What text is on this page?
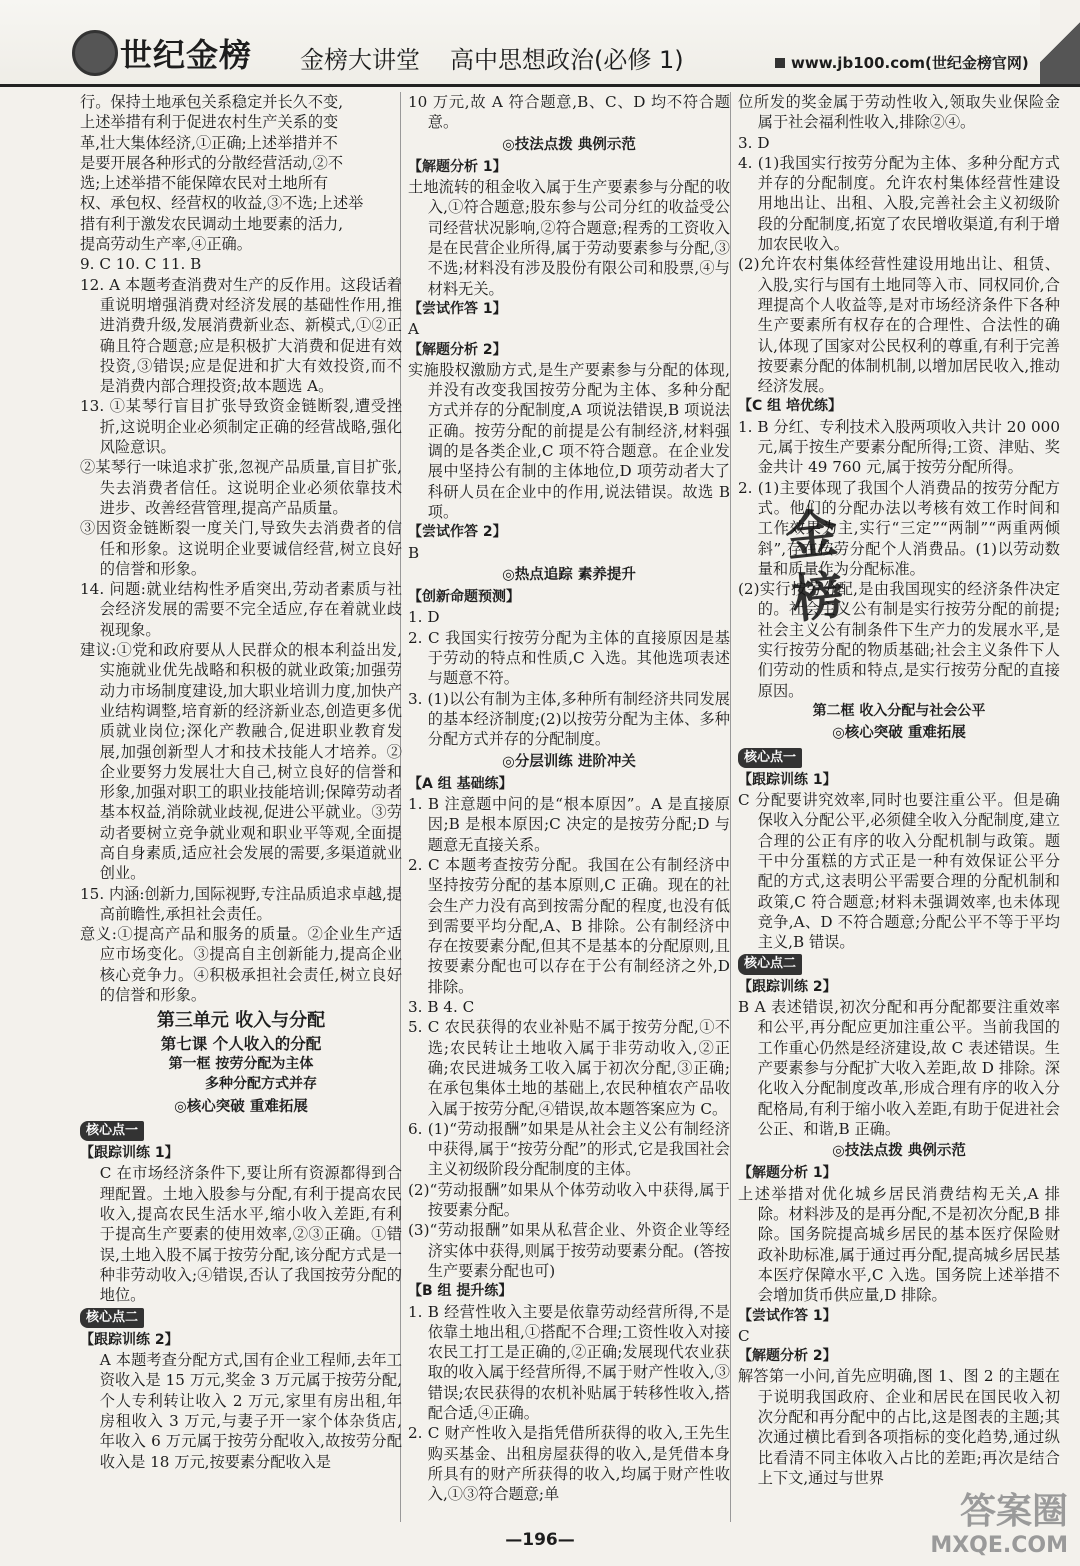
世纪金榜 金榜大讲堂 高中思想政治(必修 1)	www.jb100.com(世纪金榜官网)

行。保持土地承包关系稳定并长久不变,

上述举措有利于促进农村生产关系的变

革,壮大集体经济,①正确;上述举措并不

是要开展各种形式的分散经营活动,②不

选;上述举措不能保障农民对土地所有

权、承包权、经营权的收益,③不选;上述举

措有利于激发农民调动土地要素的活力,

提高劳动生产率,④正确。

9. C 10. C 11. B

12. A 本题考查消费对生产的反作用。这段话着重说明增强消费对经济发展的基础性作用,推进消费升级,发展消费新业态、新模式,①②正确且符合题意;应是积极扩大消费和促进有效投资,③错误;应是促进和扩大有效投资,而不是消费内部合理投资;故本题选 A。

13. ①某琴行盲目扩张导致资金链断裂,遭受挫折,这说明企业必须制定正确的经营战略,强化风险意识。

②某琴行一味追求扩张,忽视产品质量,盲目扩张,失去消费者信任。这说明企业必须依靠技术进步、改善经营管理,提高产品质量。

③因资金链断裂一度关门,导致失去消费者的信任和形象。这说明企业要诚信经营,树立良好的信誉和形象。

14. 问题:就业结构性矛盾突出,劳动者素质与社会经济发展的需要不完全适应,存在着就业歧视现象。

建议:①党和政府要从人民群众的根本利益出发,实施就业优先战略和积极的就业政策;加强劳动力市场制度建设,加大职业培训力度,加快产业结构调整,培育新的经济新业态,创造更多优质就业岗位;深化产教融合,促进职业教育发展,加强创新型人才和技术技能人才培养。②企业要努力发展壮大自己,树立良好的信誉和形象,加强对职工的职业技能培训;保障劳动者基本权益,消除就业歧视,促进公平就业。③劳动者要树立竞争就业观和职业平等观,全面提高自身素质,适应社会发展的需要,多渠道就业创业。

15. 内涵:创新力,国际视野,专注品质追求卓越,提高前瞻性,承担社会责任。

意义:①提高产品和服务的质量。②企业生产适应市场变化。③提高自主创新能力,提高企业核心竞争力。④积极承担社会责任,树立良好的信誉和形象。

第三单元 收入与分配
第七课 个人收入的分配
第一框 按劳分配为主体
多种分配方式并存
◎核心突破 重难拓展
核心点一
【跟踪训练 1】

C 在市场经济条件下,要让所有资源都得到合理配置。土地入股参与分配,有利于提高农民收入,提高农民生活水平,缩小收入差距,有利于提高生产要素的使用效率,②③正确。①错误,土地入股不属于按劳分配,该分配方式是一种非劳动收入;④错误,否认了我国按劳分配的地位。

核心点二
【跟踪训练 2】

A 本题考查分配方式,国有企业工程师,去年工资收入是 15 万元,奖金 3 万元属于按劳分配,个人专利转让收入 2 万元,家里有房出租,年房租收入 3 万元,与妻子开一家个体杂货店,年收入 6 万元属于按劳分配收入,故按劳分配收入是 18 万元,按要素分配收入是

10 万元,故 A 符合题意,B、C、D 均不符合题意。

◎技法点拨 典例示范
【解题分析 1】

土地流转的租金收入属于生产要素参与分配的收入,①符合题意;股东参与公司分红的收益受公司经营状况影响,②符合题意;程秀的工资收入是在民营企业所得,属于劳动要素参与分配,③不选;材料没有涉及股份有限公司和股票,④与材料无关。

【尝试作答 1】

A

【解题分析 2】

实施股权激励方式,是生产要素参与分配的体现,并没有改变我国按劳分配为主体、多种分配方式并存的分配制度,A 项说法错误,B 项说法正确。按劳分配的前提是公有制经济,材料强调的是各类企业,C 项不符合题意。在企业发展中坚持公有制的主体地位,D 项劳动者大了科研人员在企业中的作用,说法错误。故选 B 项。

【尝试作答 2】

B

◎热点追踪 素养提升
【创新命题预测】

1. D

2. C 我国实行按劳分配为主体的直接原因是基于劳动的特点和性质,C 入选。其他选项表述与题意不符。

3. (1)以公有制为主体,多种所有制经济共同发展的基本经济制度;(2)以按劳分配为主体、多种分配方式并存的分配制度。

◎分层训练 进阶冲关
【A 组 基础练】

1. B 注意题中问的是“根本原因”。A 是直接原因;B 是根本原因;C 决定的是按劳分配;D 与题意无直接关系。

2. C 本题考查按劳分配。我国在公有制经济中坚持按劳分配的基本原则,C 正确。现在的社会生产力没有高到按需分配的程度,也没有低到需要平均分配,A、B 排除。公有制经济中存在按要素分配,但其不是基本的分配原则,且按要素分配也可以存在于公有制经济之外,D 排除。

3. B 4. C

5. C 农民获得的农业补贴不属于按劳分配,①不选;农民转让土地收入属于非劳动收入,②正确;农民进城务工收入属于初次分配,③正确;在承包集体土地的基础上,农民种植农产品收入属于按劳分配,④错误,故本题答案应为 C。

6. (1)“劳动报酬”如果是从社会主义公有制经济中获得,属于“按劳分配”的形式,它是我国社会主义初级阶段分配制度的主体。

(2)“劳动报酬”如果从个体劳动收入中获得,属于按要素分配。

(3)“劳动报酬”如果从私营企业、外资企业等经济实体中获得,则属于按劳动要素分配。(答按生产要素分配也可)

【B 组 提升练】

1. B 经营性收入主要是依靠劳动经营所得,不是依靠土地出租,①搭配不合理;工资性收入对接农民工打工是正确的,②正确;发展现代农业获取的收入属于经营所得,不属于财产性收入,③错误;农民获得的农机补贴属于转移性收入,搭配合适,④正确。

2. C 财产性收入是指凭借所获得的收入,王先生购买基金、出租房屋获得的收入,是凭借本身所具有的财产所获得的收入,均属于财产性收入,①③符合题意;单

位所发的奖金属于劳动性收入,领取失业保险金属于社会福利性收入,排除②④。

3. D

4. (1)我国实行按劳分配为主体、多种分配方式并存的分配制度。允许农村集体经营性建设用地出让、出租、入股,完善社会主义初级阶段的分配制度,拓宽了农民增收渠道,有利于增加农民收入。

(2)允许农村集体经营性建设用地出让、租赁、入股,实行与国有土地同等入市、同权同价,合理提高个人收益等,是对市场经济条件下各种生产要素所有权存在的合理性、合法性的确认,体现了国家对公民权利的尊重,有利于完善按要素分配的体制机制,以增加居民收入,推动经济发展。

【C 组 培优练】

1. B 分红、专利技术入股两项收入共计 20 000 元,属于按生产要素分配所得;工资、津贴、奖金共计 49 760 元,属于按劳分配所得。

2. (1)主要体现了我国个人消费品的按劳分配方式。他们的分配办法以考核有效工作时间和工作效果为主,实行“三定”“两制”“两重两倾斜”,存在按劳分配个人消费品。(1)以劳动数量和质量作为分配标准。

(2)实行按劳分配,是由我国现实的经济条件决定的。社会主义公有制是实行按劳分配的前提;社会主义公有制条件下生产力的发展水平,是实行按劳分配的物质基础;社会主义条件下人们劳动的性质和特点,是实行按劳分配的直接原因。

第二框 收入分配与社会公平
◎核心突破 重难拓展
核心点一

【跟踪训练 1】

C 分配要讲究效率,同时也要注重公平。但是确保收入分配公平,必须健全收入分配制度,建立合理的公正有序的收入分配机制与政策。题干中分蛋糕的方式正是一种有效保证公平分配的方式,这表明公平需要合理的分配机制和政策,C 符合题意;材料未强调效率,也未体现竞争,A、D 不符合题意;分配公平不等于平均主义,B 错误。

核心点二

【跟踪训练 2】

B A 表述错误,初次分配和再分配都要注重效率和公平,再分配应更加注重公平。当前我国的工作重心仍然是经济建设,故 C 表述错误。生产要素参与分配扩大收入差距,故 D 排除。深化收入分配制度改革,形成合理有序的收入分配格局,有利于缩小收入差距,有助于促进社会公正、和谐,B 正确。

◎技法点拨 典例示范
【解题分析 1】

上述举措对优化城乡居民消费结构无关,A 排除。材料涉及的是再分配,不是初次分配,B 排除。国务院提高城乡居民的基本医疗保险财政补助标准,属于通过再分配,提高城乡居民基本医疗保障水平,C 入选。国务院上述举措不会增加货币供应量,D 排除。

【尝试作答 1】

C

【解题分析 2】

解答第一小问,首先应明确,图 1、图 2 的主题在于说明我国政府、企业和居民在国民收入初次分配和再分配中的占比,这是图表的主题;其次通过横比看到各项指标的变化趋势,通过纵比看清不同主体收入占比的差距;再次是结合上下文,通过与世界

金
榜
—196—
答案圈
MXQE.COM
